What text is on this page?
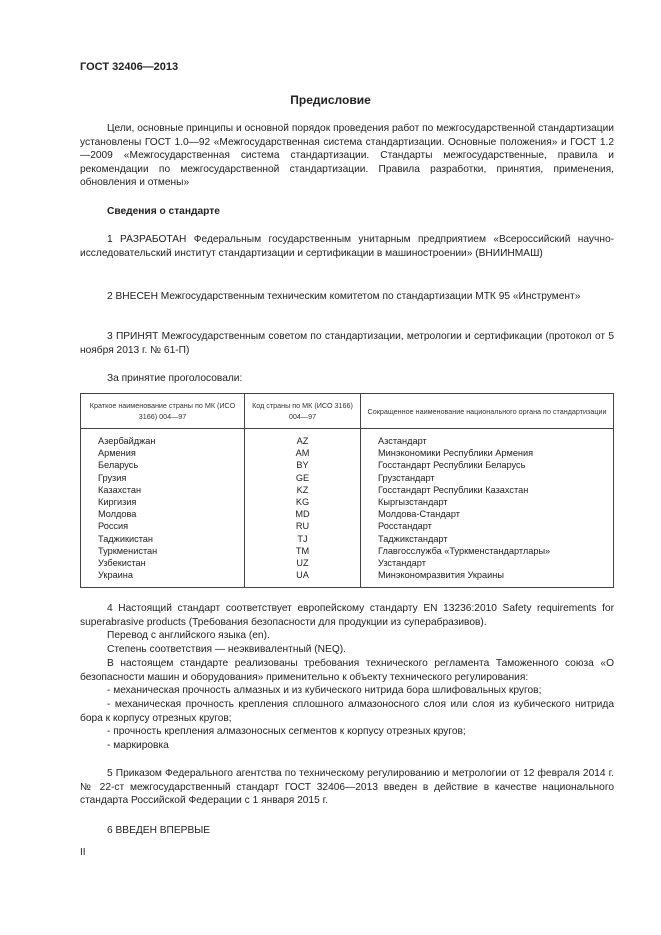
ГОСТ 32406—2013
Предисловие
Цели, основные принципы и основной порядок проведения работ по межгосударственной стандартизации установлены ГОСТ 1.0—92 «Межгосударственная система стандартизации. Основные положения» и ГОСТ 1.2—2009 «Межгосударственная система стандартизации. Стандарты межгосударственные, правила и рекомендации по межгосударственной стандартизации. Правила разработки, принятия, применения, обновления и отмены»
Сведения о стандарте
1 РАЗРАБОТАН Федеральным государственным унитарным предприятием «Всероссийский научно-исследовательский институт стандартизации и сертификации в машиностроении» (ВНИИНМАШ)
2 ВНЕСЕН Межгосударственным техническим комитетом по стандартизации МТК 95 «Инструмент»
3 ПРИНЯТ Межгосударственным советом по стандартизации, метрологии и сертификации (протокол от 5 ноября 2013 г. № 61-П)
За принятие проголосовали:
Краткое наименование страны по МК (ИСО 3166) 004—97	Код страны по МК (ИСО 3166) 004—97	Сокращенное наименование национального органа по стандартизации

Азербайджан	AZ	Азстандарт
Армения	AM	Минэкономики Республики Армения
Беларусь	BY	Госстандарт Республики Беларусь
Грузия	GE	Грузстандарт
Казахстан	KZ	Госстандарт Республики Казахстан
Киргизия	KG	Кыргызстандарт
Молдова	MD	Молдова-Стандарт
Россия	RU	Росстандарт
Таджикистан	TJ	Таджикстандарт
Туркменистан	TM	Главгосслужба «Туркменстандартлары»
Узбекистан	UZ	Узстандарт
Украина	UA	Минэкономразвития Украины
4 Настоящий стандарт соответствует европейскому стандарту EN 13236:2010 Safety requirements for superabrasive products (Требования безопасности для продукции из суперабразивов).
Перевод с английского языка (en).
Степень соответствия — неэквивалентный (NEQ).
В настоящем стандарте реализованы требования технического регламента Таможенного союза «О безопасности машин и оборудования» применительно к объекту технического регулирования:
- механическая прочность алмазных и из кубического нитрида бора шлифовальных кругов;
- механическая прочность крепления сплошного алмазоносного слоя или слоя из кубического нитрида бора к корпусу отрезных кругов;
- прочность крепления алмазоносных сегментов к корпусу отрезных кругов;
- маркировка
5 Приказом Федерального агентства по техническому регулированию и метрологии от 12 февраля 2014 г. № 22-ст межгосударственный стандарт ГОСТ 32406—2013 введен в действие в качестве национального стандарта Российской Федерации с 1 января 2015 г.
6 ВВЕДЕН ВПЕРВЫЕ
II
